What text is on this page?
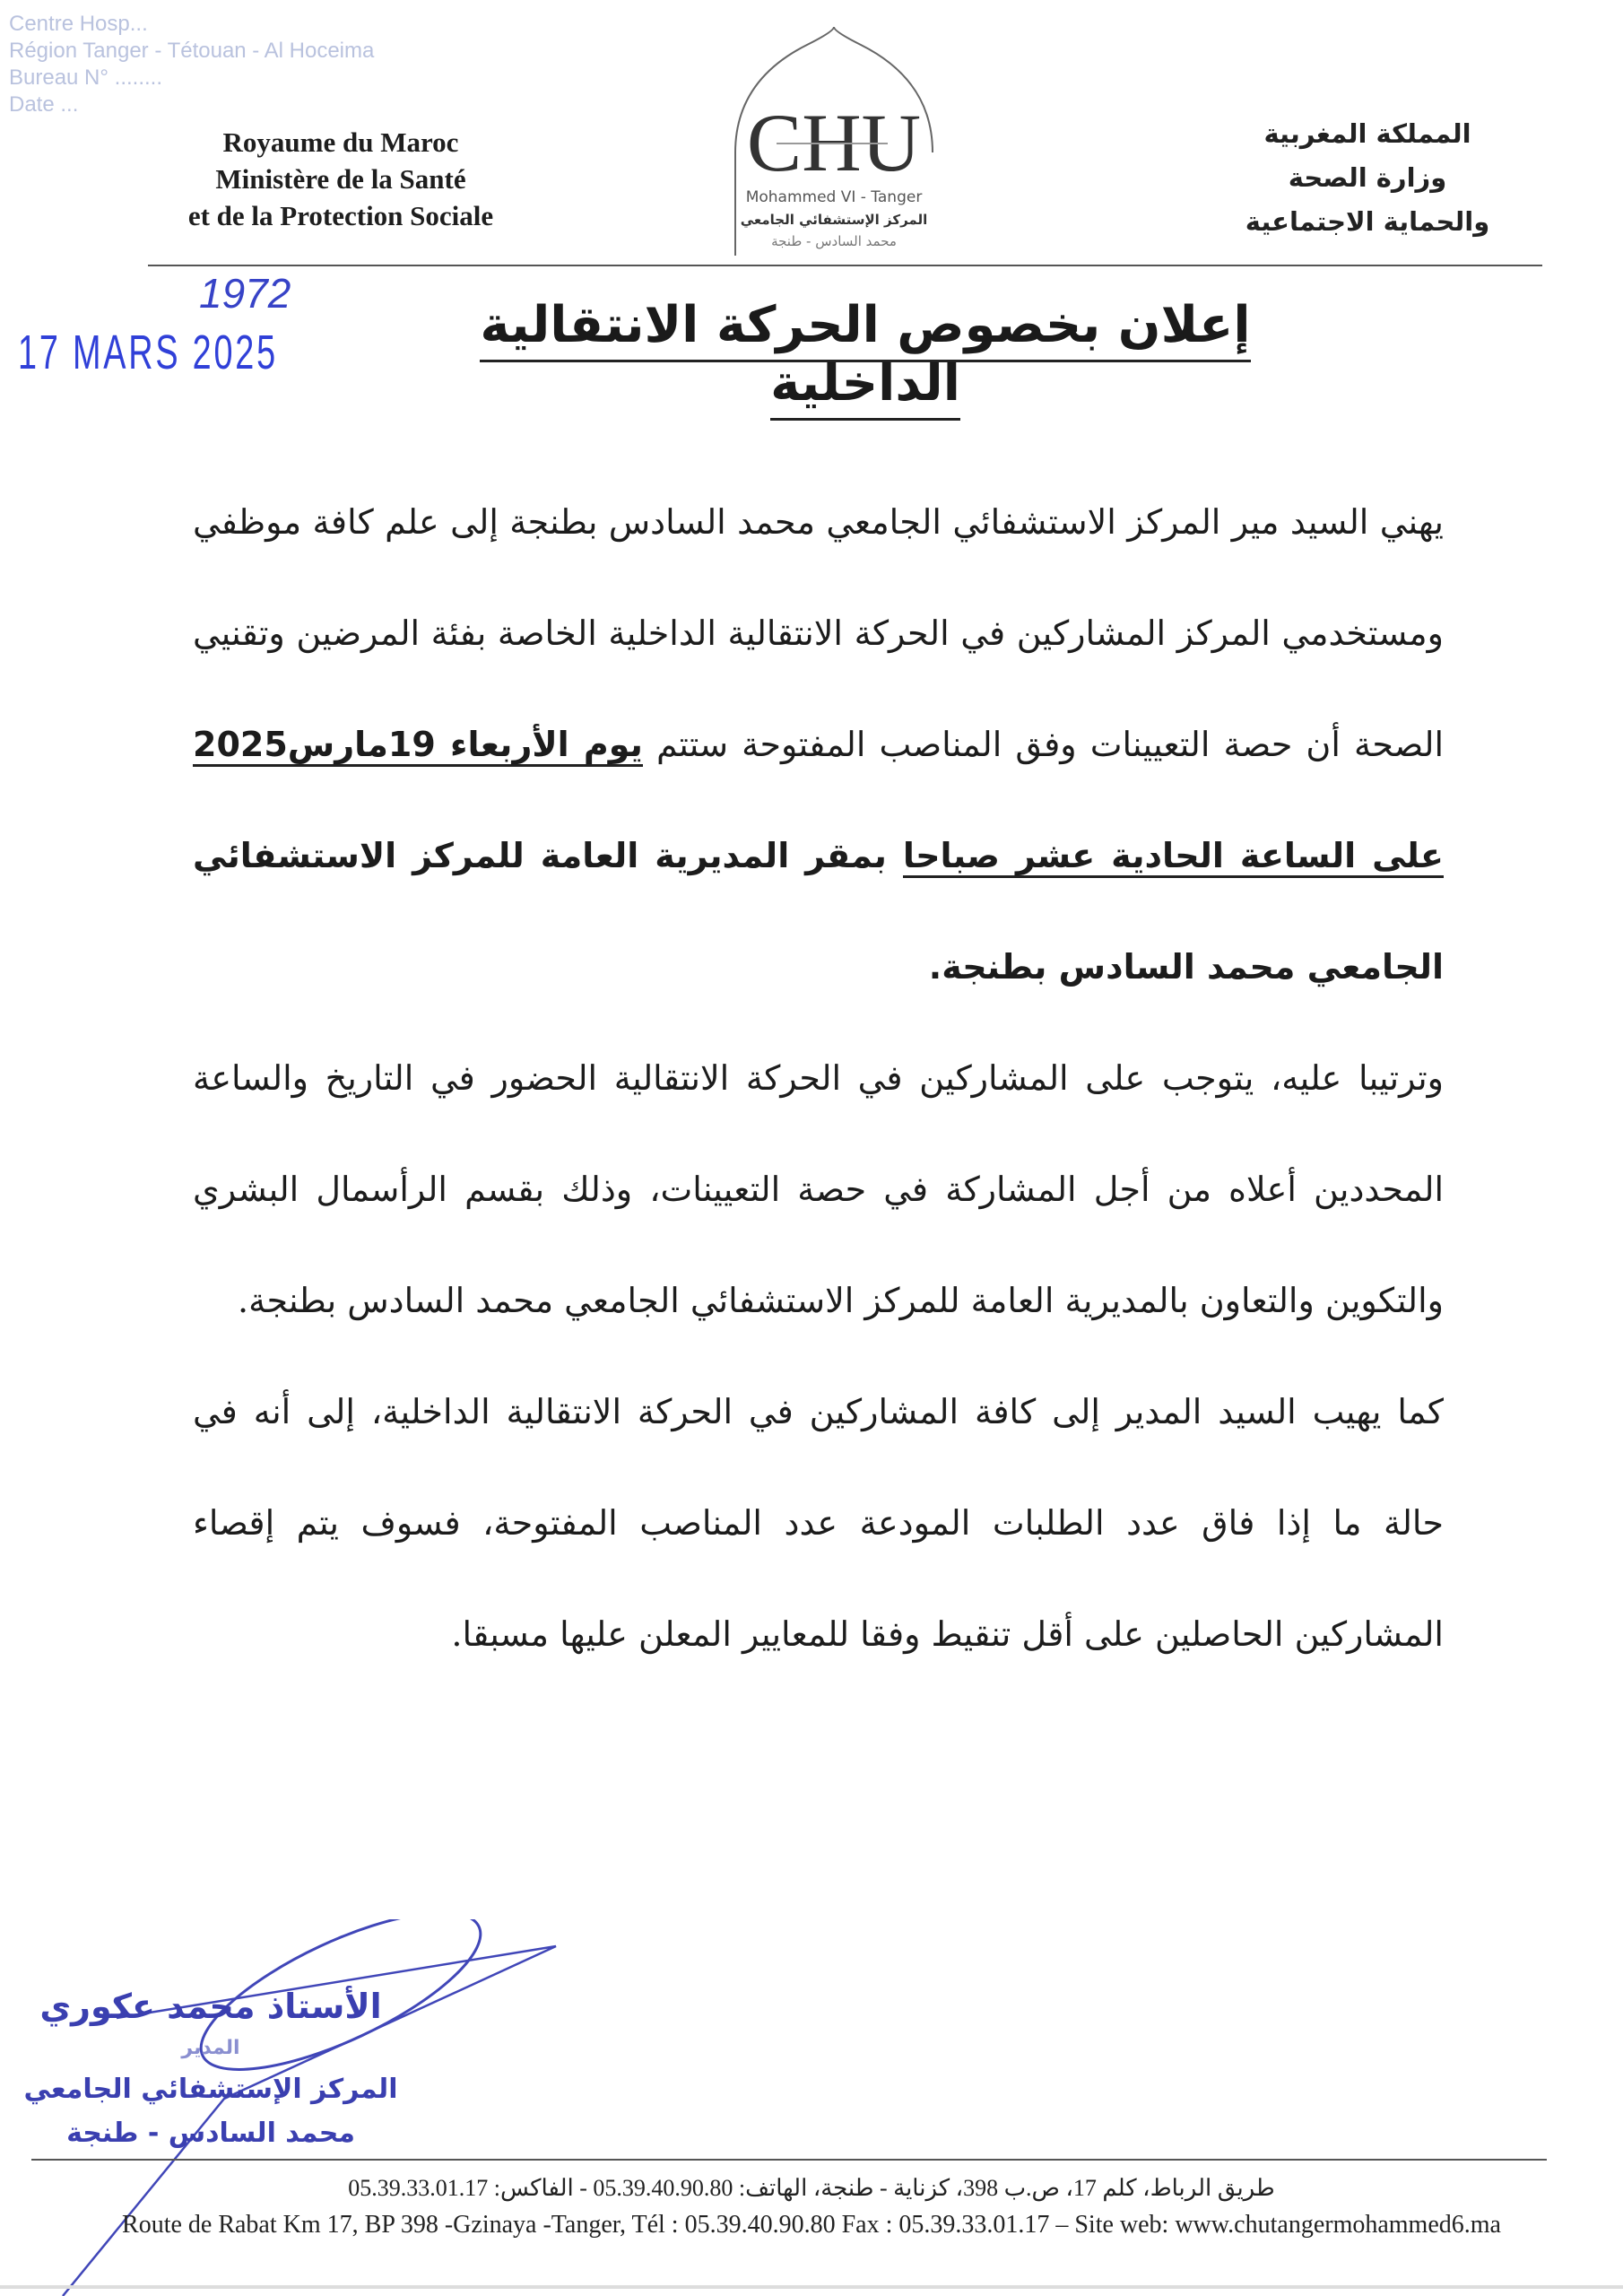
Royaume du Maroc
Ministère de la Santé
et de la Protection Sociale
CHU
Mohammed VI - Tanger
المركز الإستشفائي الجامعي
محمد السادس - طنجة
المملكة المغربية
وزارة الصحة
والحماية الاجتماعية
Centre Hosp...
Région Tanger - Tétouan - Al Hoceima
Bureau N° ........
Date ...
1972
17 MARS 2025	إعلان بخصوص الحركة الانتقالية الداخلية

يهني السيد مير المركز الاستشفائي الجامعي محمد السادس بطنجة إلى علم كافة موظفي ومستخدمي المركز المشاركين في الحركة الانتقالية الداخلية الخاصة بفئة المرضين وتقنيي الصحة أن حصة التعيينات وفق المناصب المفتوحة ستتم يوم الأربعاء 19مارس2025 على الساعة الحادية عشر صباحا بمقر المديرية العامة للمركز الاستشفائي الجامعي محمد السادس بطنجة.

وترتيبا عليه، يتوجب على المشاركين في الحركة الانتقالية الحضور في التاريخ والساعة المحددين أعلاه من أجل المشاركة في حصة التعيينات، وذلك بقسم الرأسمال البشري والتكوين والتعاون بالمديرية العامة للمركز الاستشفائي الجامعي محمد السادس بطنجة.

كما يهيب السيد المدير إلى كافة المشاركين في الحركة الانتقالية الداخلية، إلى أنه في حالة ما إذا فاق عدد الطلبات المودعة عدد المناصب المفتوحة، فسوف يتم إقصاء المشاركين الحاصلين على أقل تنقيط وفقا للمعايير المعلن عليها مسبقا.

الأستاذ محمد عكوري
المدير
المركز الإستشفائي الجامعي
محمد السادس - طنجة
طريق الرباط، كلم 17، ص.ب 398، كزناية - طنجة، الهاتف: 05.39.40.90.80 - الفاكس: 05.39.33.01.17
Route de Rabat Km 17, BP 398 -Gzinaya -Tanger, Tél : 05.39.40.90.80 Fax : 05.39.33.01.17 – Site web: www.chutangermohammed6.ma
